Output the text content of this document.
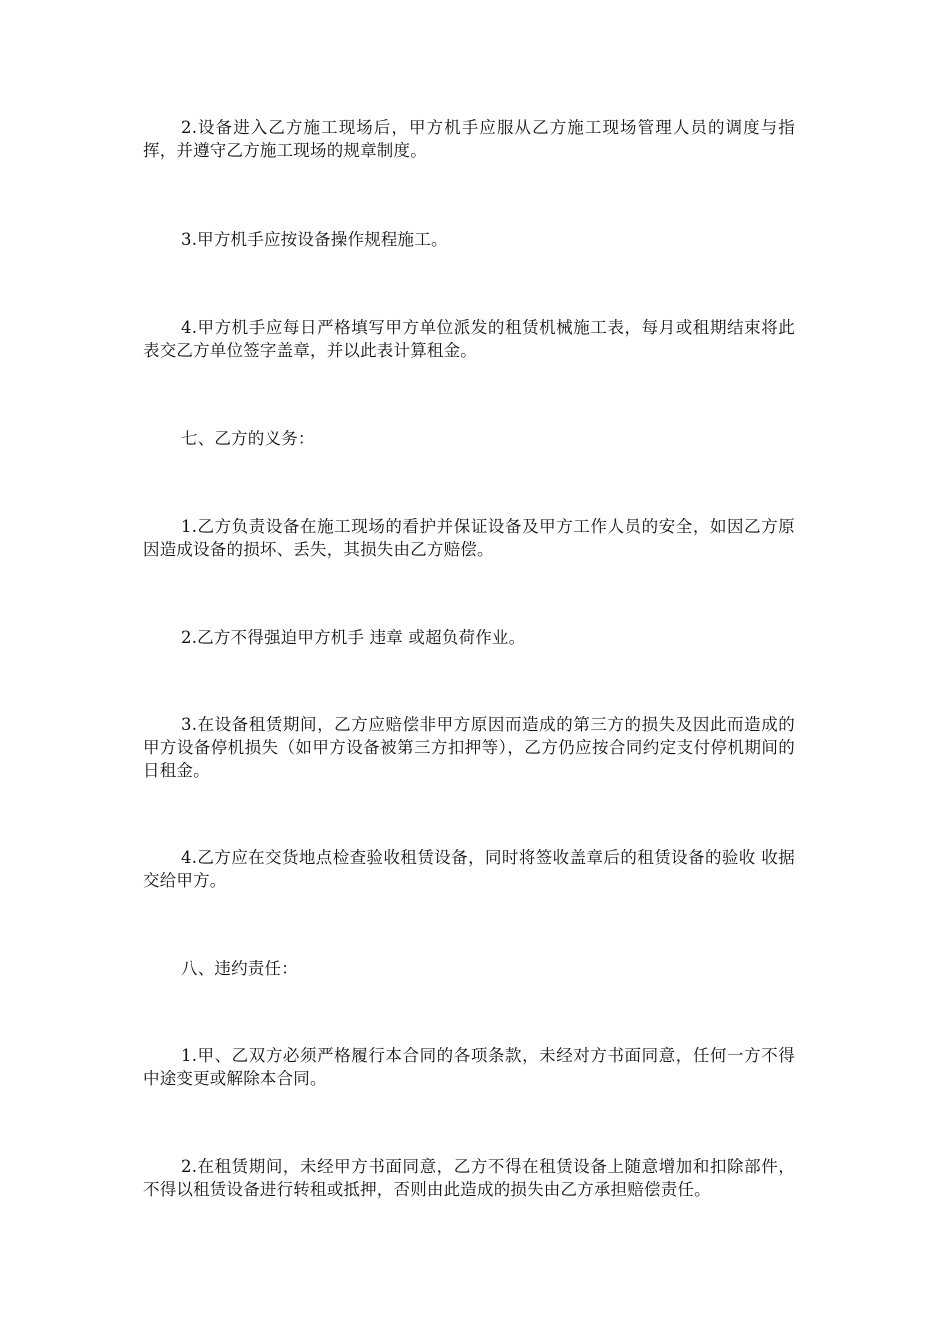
2.设备进入乙方施工现场后，甲方机手应服从乙方施工现场管理人员的调度与指挥，并遵守乙方施工现场的规章制度。

3.甲方机手应按设备操作规程施工。

4.甲方机手应每日严格填写甲方单位派发的租赁机械施工表，每月或租期结束将此表交乙方单位签字盖章，并以此表计算租金。

七、乙方的义务：

1.乙方负责设备在施工现场的看护并保证设备及甲方工作人员的安全，如因乙方原因造成设备的损坏、丢失，其损失由乙方赔偿。

2.乙方不得强迫甲方机手 违章 或超负荷作业。

3.在设备租赁期间，乙方应赔偿非甲方原因而造成的第三方的损失及因此而造成的甲方设备停机损失（如甲方设备被第三方扣押等），乙方仍应按合同约定支付停机期间的日租金。

4.乙方应在交货地点检查验收租赁设备，同时将签收盖章后的租赁设备的验收 收据 交给甲方。

八、违约责任：

1.甲、乙双方必须严格履行本合同的各项条款，未经对方书面同意，任何一方不得中途变更或解除本合同。

2.在租赁期间，未经甲方书面同意，乙方不得在租赁设备上随意增加和扣除部件，不得以租赁设备进行转租或抵押，否则由此造成的损失由乙方承担赔偿责任。
